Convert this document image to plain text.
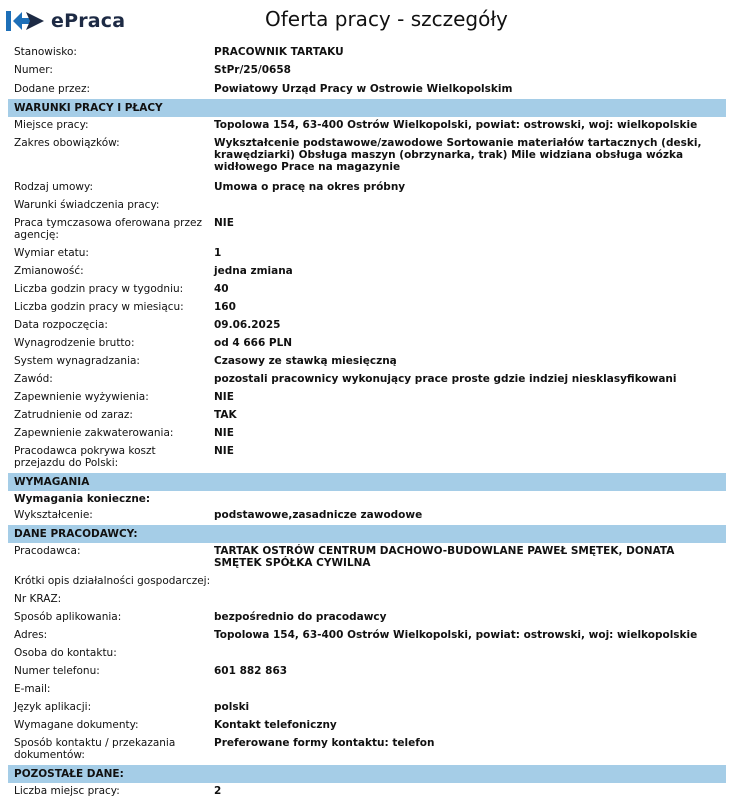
ePraca	Oferta pracy - szczegóły
Stanowisko:	PRACOWNIK TARTAKU
Numer:	StPr/25/0658
Dodane przez:	Powiatowy Urząd Pracy w Ostrowie Wielkopolskim
WARUNKI PRACY I PŁACY
Miejsce pracy:	Topolowa 154, 63-400 Ostrów Wielkopolski, powiat: ostrowski, woj: wielkopolskie
Zakres obowiązków:	Wykształcenie podstawowe/zawodowe Sortowanie materiałów tartacznych (deski, krawędziarki) Obsługa maszyn (obrzynarka, trak) Mile widziana obsługa wózka widłowego Prace na magazynie
Rodzaj umowy:	Umowa o pracę na okres próbny
Warunki świadczenia pracy:
Praca tymczasowa oferowana przez agencję:
NIE
Wymiar etatu:	1
Zmianowość:	jedna zmiana
Liczba godzin pracy w tygodniu:	40
Liczba godzin pracy w miesiącu:	160
Data rozpoczęcia:	09.06.2025
Wynagrodzenie brutto:	od 4 666 PLN
System wynagradzania:	Czasowy ze stawką miesięczną
Zawód:	pozostali pracownicy wykonujący prace proste gdzie indziej niesklasyfikowani
Zapewnienie wyżywienia:	NIE
Zatrudnienie od zaraz:	TAK
Zapewnienie zakwaterowania:	NIE
Pracodawca pokrywa koszt przejazdu do Polski:
NIE
WYMAGANIA
Wymagania konieczne:
Wykształcenie:	podstawowe,zasadnicze zawodowe
DANE PRACODAWCY:
Pracodawca:	TARTAK OSTRÓW CENTRUM DACHOWO-BUDOWLANE PAWEŁ SMĘTEK, DONATA SMĘTEK SPÓŁKA CYWILNA
Krótki opis działalności gospodarczej:
Nr KRAZ:
Sposób aplikowania:	bezpośrednio do pracodawcy
Adres:	Topolowa 154, 63-400 Ostrów Wielkopolski, powiat: ostrowski, woj: wielkopolskie
Osoba do kontaktu:
Numer telefonu:	601 882 863
E-mail:
Język aplikacji:	polski
Wymagane dokumenty:	Kontakt telefoniczny
Sposób kontaktu / przekazania dokumentów:
Preferowane formy kontaktu: telefon
POZOSTAŁE DANE:
Liczba miejsc pracy:	2
